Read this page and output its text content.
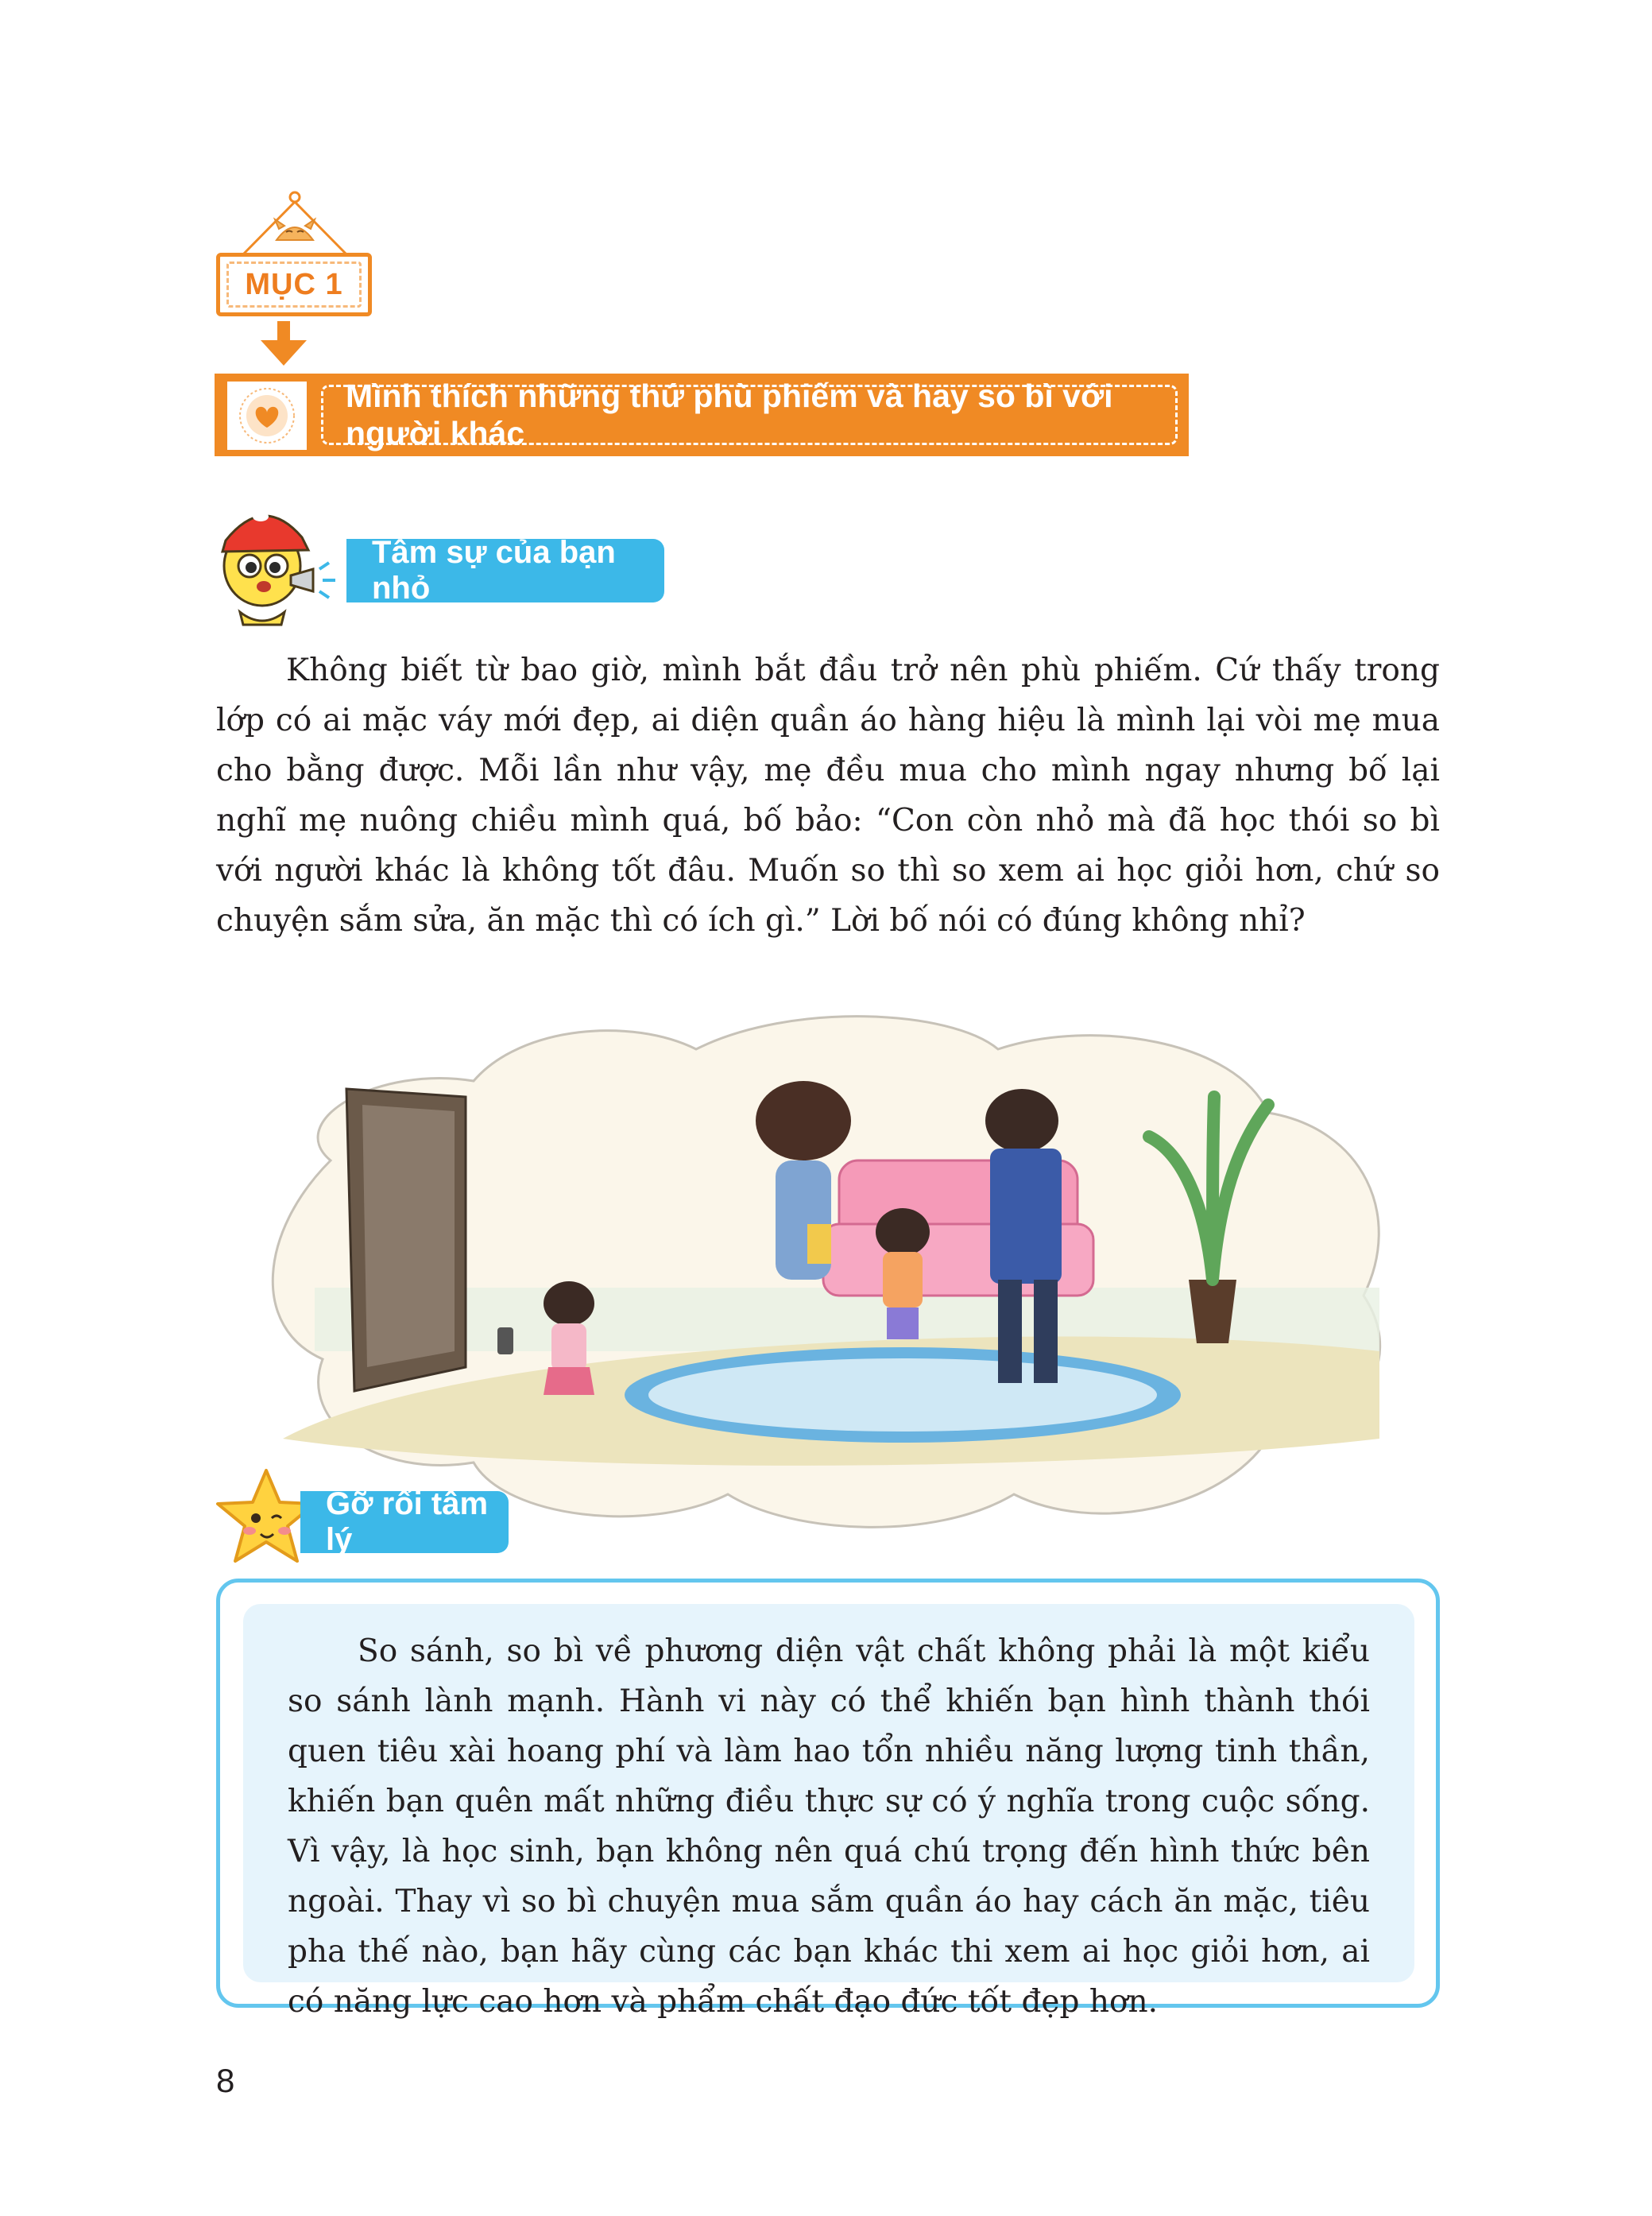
MỤC 1
Mình thích những thứ phù phiếm và hay so bì với người khác
Tâm sự của bạn nhỏ

Không biết từ bao giờ, mình bắt đầu trở nên phù phiếm. Cứ thấy trong lớp có ai mặc váy mới đẹp, ai diện quần áo hàng hiệu là mình lại vòi mẹ mua cho bằng được. Mỗi lần như vậy, mẹ đều mua cho mình ngay nhưng bố lại nghĩ mẹ nuông chiều mình quá, bố bảo: “Con còn nhỏ mà đã học thói so bì với người khác là không tốt đâu. Muốn so thì so xem ai học giỏi hơn, chứ so chuyện sắm sửa, ăn mặc thì có ích gì.” Lời bố nói có đúng không nhỉ?

Gỡ rối tâm lý

So sánh, so bì về phương diện vật chất không phải là một kiểu so sánh lành mạnh. Hành vi này có thể khiến bạn hình thành thói quen tiêu xài hoang phí và làm hao tổn nhiều năng lượng tinh thần, khiến bạn quên mất những điều thực sự có ý nghĩa trong cuộc sống. Vì vậy, là học sinh, bạn không nên quá chú trọng đến hình thức bên ngoài. Thay vì so bì chuyện mua sắm quần áo hay cách ăn mặc, tiêu pha thế nào, bạn hãy cùng các bạn khác thi xem ai học giỏi hơn, ai có năng lực cao hơn và phẩm chất đạo đức tốt đẹp hơn.

8
